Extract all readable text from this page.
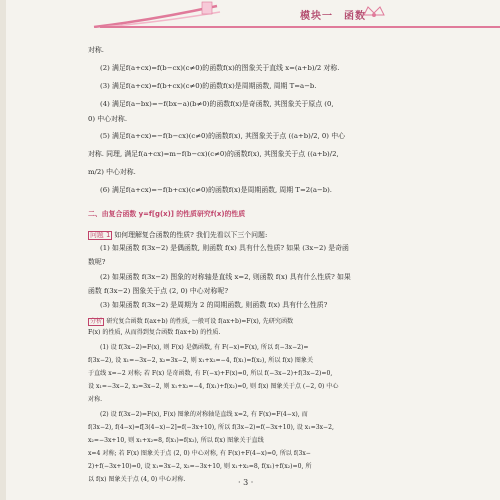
模块一　函数
对称.
(2) 满足f(a+cx)=f(b−cx)(c≠0)的函数f(x)的图象关于直线 x=(a+b)/2 对称.
(3) 满足f(a+cx)=f(b+cx)(c≠0)的函数f(x)是周期函数, 周期 T=a−b.
(4) 满足f(a−bx)=−f(bx−a)(b≠0)的函数f(x)是奇函数, 其图象关于原点 (0,
0) 中心对称.
(5) 满足f(a+cx)=−f(b−cx)(c≠0)的函数f(x), 其图象关于点 ((a+b)/2, 0) 中心
对称. 同理, 满足f(a+cx)=m−f(b−cx)(c≠0)的函数f(x), 其图象关于点 ((a+b)/2,
m/2) 中心对称.
(6) 满足f(a+cx)=−f(b+cx)(c≠0)的函数f(x)是周期函数, 周期 T=2(a−b).
二、由复合函数 y=f[g(x)] 的性质研究f(x)的性质
问题 1 如何理解复合函数的性质? 我们先看以下三个问题:
(1) 如果函数 f(3x−2) 是偶函数, 则函数 f(x) 具有什么性质? 如果 (3x−2) 是奇函
数呢?
(2) 如果函数 f(3x−2) 图象的对称轴是直线 x=2, 则函数 f(x) 具有什么性质? 如果
函数 f(3x−2) 图象关于点 (2, 0) 中心对称呢?
(3) 如果函数 f(3x−2) 是周期为 2 的周期函数, 则函数 f(x) 具有什么性质?
分析 研究复合函数 f(ax+b) 的性质, 一般可设 f(ax+b)=F(x), 先研究函数
F(x) 的性质, 从而得到复合函数 f(ax+b) 的性质.
(1) 设 f(3x−2)=F(x), 则 F(x) 是偶函数, 有 F(−x)=F(x), 所以 f(−3x−2)=
f(3x−2), 设 x₁=−3x−2, x₂=3x−2, 则 x₁+x₂=−4, f(x₁)=f(x₂), 所以 f(x) 图象关
于直线 x=−2 对称; 若 F(x) 是奇函数, 有 F(−x)+F(x)=0, 所以 f(−3x−2)+f(3x−2)=0,
设 x₁=−3x−2, x₂=3x−2, 则 x₁+x₂=−4, f(x₁)+f(x₂)=0, 则 f(x) 图象关于点 (−2, 0) 中心
对称.
(2) 设 f(3x−2)=F(x), F(x) 图象的对称轴是直线 x=2, 有 F(x)=F(4−x), 而
f(3x−2), f(4−x)=f[3(4−x)−2]=f(−3x+10), 所以 f(3x−2)=f(−3x+10), 设 x₁=3x−2,
x₂=−3x+10, 则 x₁+x₂=8, f(x₁)=f(x₂), 所以 f(x) 图象关于直线
x=4 对称; 若 F(x) 图象关于点 (2, 0) 中心对称, 有 F(x)+F(4−x)=0, 所以 f(3x−
2)+f(−3x+10)=0, 设 x₁=3x−2, x₂=−3x+10, 则 x₁+x₂=8, f(x₁)+f(x₂)=0, 所
以 f(x) 图象关于点 (4, 0) 中心对称.	· 3 ·
